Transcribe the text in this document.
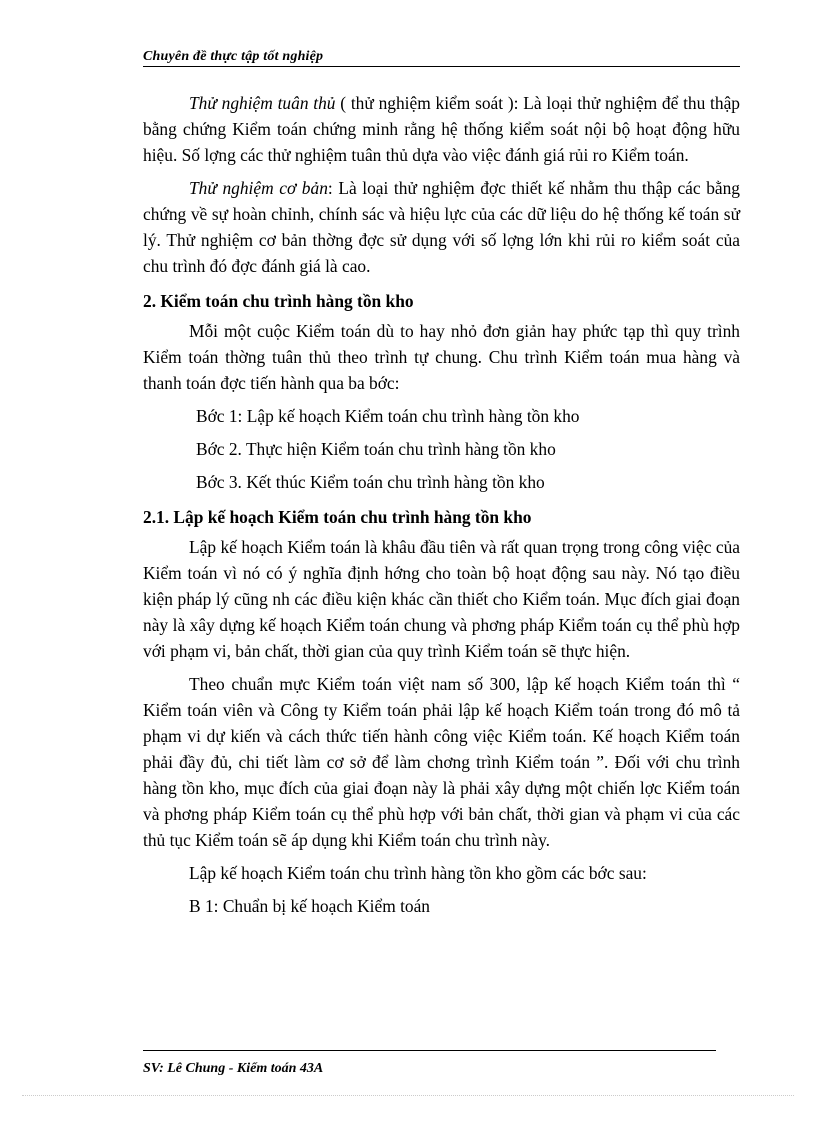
Chuyên đề thực tập tốt nghiệp

Thử nghiệm tuân thủ ( thử nghiệm kiểm soát ): Là loại thử nghiệm để thu thập bằng chứng Kiểm toán chứng minh rằng hệ thống kiểm soát nội bộ hoạt động hữu hiệu. Số lợng các thử nghiệm tuân thủ dựa vào việc đánh giá rủi ro Kiểm toán.

Thử nghiệm cơ bản: Là loại thử nghiệm đợc thiết kế nhằm thu thập các bằng chứng về sự hoàn chỉnh, chính sác và hiệu lực của các dữ liệu do hệ thống kế toán sử lý. Thử nghiệm cơ bản thờng đợc sử dụng với số lợng lớn khi rủi ro kiểm soát của chu trình đó đợc đánh giá là cao.

2. Kiểm toán chu trình hàng tồn kho

Mỗi một cuộc Kiểm toán dù to hay nhỏ đơn giản hay phức tạp thì quy trình Kiểm toán thờng tuân thủ theo trình tự chung. Chu trình Kiểm toán mua hàng và thanh toán đợc tiến hành qua ba bớc:

Bớc 1: Lập kế hoạch Kiểm toán chu trình hàng tồn kho

Bớc 2. Thực hiện Kiểm toán chu trình hàng tồn kho

Bớc 3. Kết thúc Kiểm toán chu trình hàng tồn kho

2.1. Lập kế hoạch Kiểm toán chu trình hàng tồn kho

Lập kế hoạch Kiểm toán là khâu đầu tiên và rất quan trọng trong công việc của Kiểm toán vì nó có ý nghĩa định hớng cho toàn bộ hoạt động sau này. Nó tạo điều kiện pháp lý cũng nh các điều kiện khác cần thiết cho Kiểm toán. Mục đích giai đoạn này là xây dựng kế hoạch Kiểm toán chung và phơng pháp Kiểm toán cụ thể phù hợp với phạm vi, bản chất, thời gian của quy trình Kiểm toán sẽ thực hiện.

Theo chuẩn mực Kiểm toán việt nam số 300, lập kế hoạch Kiểm toán thì “ Kiểm toán viên và Công ty Kiểm toán phải lập kế hoạch Kiểm toán trong đó mô tả phạm vi dự kiến và cách thức tiến hành công việc Kiểm toán. Kế hoạch Kiểm toán phải đầy đủ, chi tiết làm cơ sở để làm chơng trình Kiểm toán ”. Đối với chu trình hàng tồn kho, mục đích của giai đoạn này là phải xây dựng một chiến lợc Kiểm toán và phơng pháp Kiểm toán cụ thể phù hợp với bản chất, thời gian và phạm vi của các thủ tục Kiểm toán sẽ áp dụng khi Kiểm toán chu trình này.

Lập kế hoạch Kiểm toán chu trình hàng tồn kho gồm các bớc sau:

B 1: Chuẩn bị kế hoạch Kiểm toán

SV: Lê Chung - Kiểm toán 43A
